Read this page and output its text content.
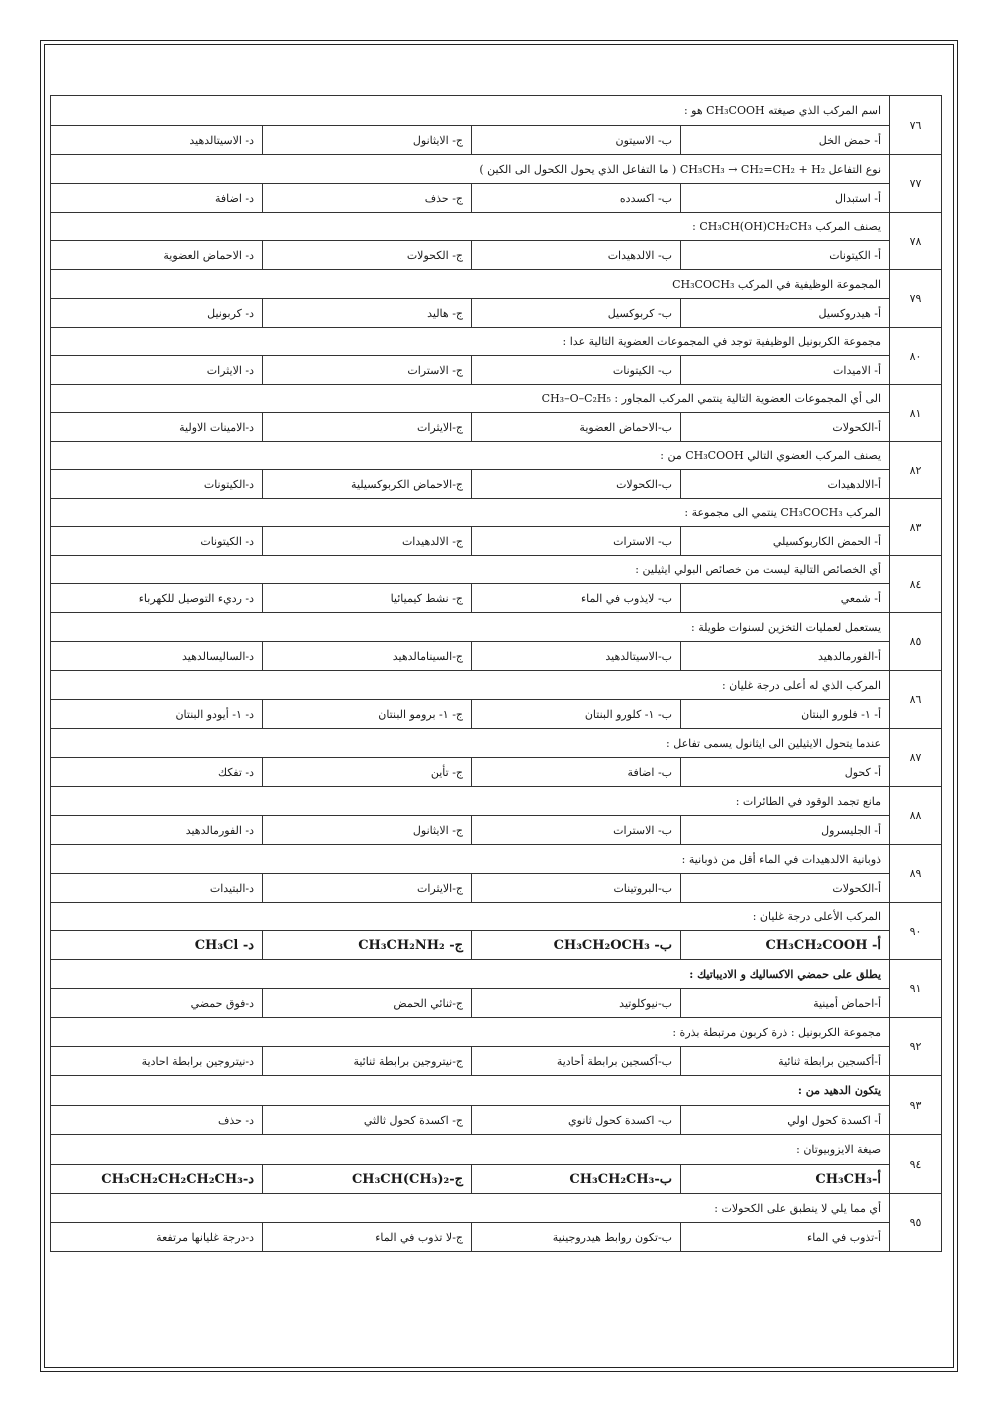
٧٦	اسم المركب الذي صيغته CH₃COOH هو :			
	أ- حمض الخل	ب- الاسيتون	ج- الايثانول	د- الاسيتالدهيد
٧٧	نوع التفاعل CH₃CH₃ → CH₂=CH₂ + H₂ ( ما التفاعل الذي يحول الكحول الى الكين )			
	أ- استبدال	ب- اكسدده	ج- حذف	د- اضافة
٧٨	يصنف المركب CH₃CH(OH)CH₂CH₃ :			
	أ- الكيتونات	ب- الالدهيدات	ج- الكحولات	د- الاحماض العضوية
٧٩	المجموعة الوظيفية في المركب CH₃COCH₃			
	أ- هيدروكسيل	ب- كربوكسيل	ج- هاليد	د- كربونيل
٨٠	مجموعة الكربونيل الوظيفية توجد في المجموعات العضوية التالية عدا :			
	أ- الاميدات	ب- الكيتونات	ج- الاسترات	د- الايثرات
٨١	الى أي المجموعات العضوية التالية ينتمي المركب المجاور : CH₃–O–C₂H₅			
	أ-الكحولات	ب-الاحماض العضوية	ج-الايثرات	د-الامينات الاولية
٨٢	يصنف المركب العضوي التالي CH₃COOH من :			
	أ-الالدهيدات	ب-الكحولات	ج-الاحماض الكربوكسيلية	د-الكيتونات
٨٣	المركب CH₃COCH₃ ينتمي الى مجموعة :			
	أ- الحمض الكاربوكسيلي	ب- الاسترات	ج- الالدهيدات	د- الكيتونات
٨٤	أي الخصائص التالية ليست من خصائص البولي ايثيلين :			
	أ- شمعي	ب- لايذوب في الماء	ج- نشط كيميائيا	د- رديء التوصيل للكهرباء
٨٥	يستعمل لعمليات التخزين لسنوات طويلة :			
	أ-الفورمالدهيد	ب-الاسيتالدهيد	ج-السينامالدهيد	د-الساليسالدهيد
٨٦	المركب الذي له أعلى درجة غليان :			
	أ- ١- فلورو البنتان	ب- ١- كلورو البنتان	ج- ١- برومو البنتان	د- ١- أيودو البنتان
٨٧	عندما يتحول الايثيلين الى ايثانول يسمى تفاعل :			
	أ- كحول	ب- اضافة	ج- تأين	د- تفكك
٨٨	مانع تجمد الوقود في الطائرات :			
	أ- الجليسرول	ب- الاسترات	ج- الايثانول	د- الفورمالدهيد
٨٩	ذوبانية الالدهيدات في الماء أقل من ذوبانية :			
	أ-الكحولات	ب-البروتينات	ج-الايثرات	د-البتيدات
٩٠	المركب الأعلى درجة غليان :			
	CH₃CH₂COOH -أ	CH₃CH₂OCH₃ -ب	CH₃CH₂NH₂ -ج	CH₃Cl -د
٩١	يطلق على حمضي الاكساليك و الاديباتيك :			
	أ-احماض أمينية	ب-نيوكلوتيد	ج-ثنائي الحمض	د-فوق حمضي
٩٢	مجموعة الكربونيل : ذرة كربون مرتبطة بذرة :			
	أ-أكسجين برابطة ثنائية	ب-أكسجين برابطة أحادية	ج-نيتروجين برابطة ثنائية	د-نيتروجين برابطة احادية
٩٣	يتكون الدهيد من :			
	أ- اكسدة كحول اولي	ب- اكسدة كحول ثانوي	ج- اكسدة كحول ثالثي	د- حذف
٩٤	صيغة الايزوبيوتان :			
	CH₃CH₃-أ	CH₃CH₂CH₃-ب	CH₃CH(CH₃)₂-ج	CH₃CH₂CH₂CH₂CH₃-د
٩٥	أي مما يلي لا ينطبق على الكحولات :			
	أ-تذوب في الماء	ب-تكون روابط هيدروجينية	ج-لا تذوب في الماء	د-درجة غليانها مرتفعة
